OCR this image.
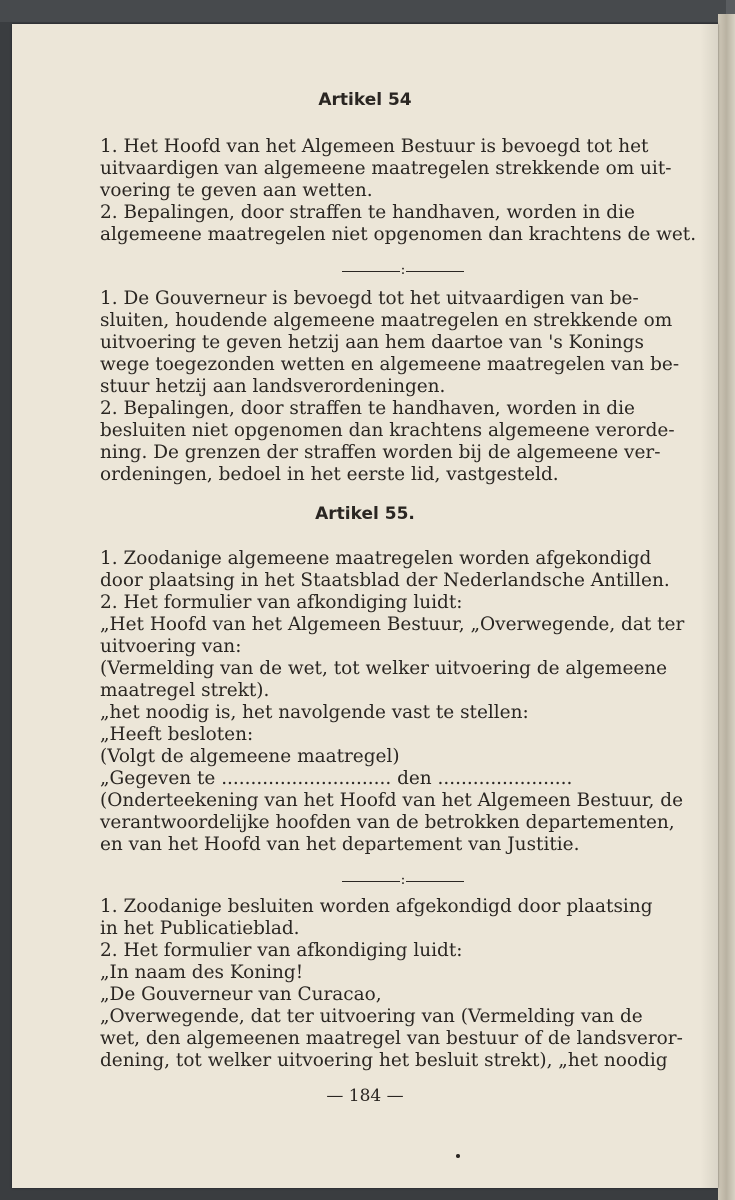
Artikel 54
1. Het Hoofd van het Algemeen Bestuur is bevoegd tot het
uitvaardigen van algemeene maatregelen strekkende om uit-
voering te geven aan wetten.
2. Bepalingen, door straffen te handhaven, worden in die
algemeene maatregelen niet opgenomen dan krachtens de wet.
:
1. De Gouverneur is bevoegd tot het uitvaardigen van be-
sluiten, houdende algemeene maatregelen en strekkende om
uitvoering te geven hetzij aan hem daartoe van 's Konings
wege toegezonden wetten en algemeene maatregelen van be-
stuur hetzij aan landsverordeningen.
2. Bepalingen, door straffen te handhaven, worden in die
besluiten niet opgenomen dan krachtens algemeene verorde-
ning. De grenzen der straffen worden bij de algemeene ver-
ordeningen, bedoel in het eerste lid, vastgesteld.
Artikel 55.
1. Zoodanige algemeene maatregelen worden afgekondigd
door plaatsing in het Staatsblad der Nederlandsche Antillen.
2. Het formulier van afkondiging luidt:
„Het Hoofd van het Algemeen Bestuur, „Overwegende, dat ter
uitvoering van:
(Vermelding van de wet, tot welker uitvoering de algemeene
maatregel strekt).
„het noodig is, het navolgende vast te stellen:
„Heeft besloten:
(Volgt de algemeene maatregel)
„Gegeven te ............................. den .......................
(Onderteekening van het Hoofd van het Algemeen Bestuur, de
verantwoordelijke hoofden van de betrokken departementen,
en van het Hoofd van het departement van Justitie.
:
1. Zoodanige besluiten worden afgekondigd door plaatsing
in het Publicatieblad.
2. Het formulier van afkondiging luidt:
„In naam des Koning!
„De Gouverneur van Curacao,
„Overwegende, dat ter uitvoering van (Vermelding van de
wet, den algemeenen maatregel van bestuur of de landsveror-
dening, tot welker uitvoering het besluit strekt), „het noodig
— 184 —
